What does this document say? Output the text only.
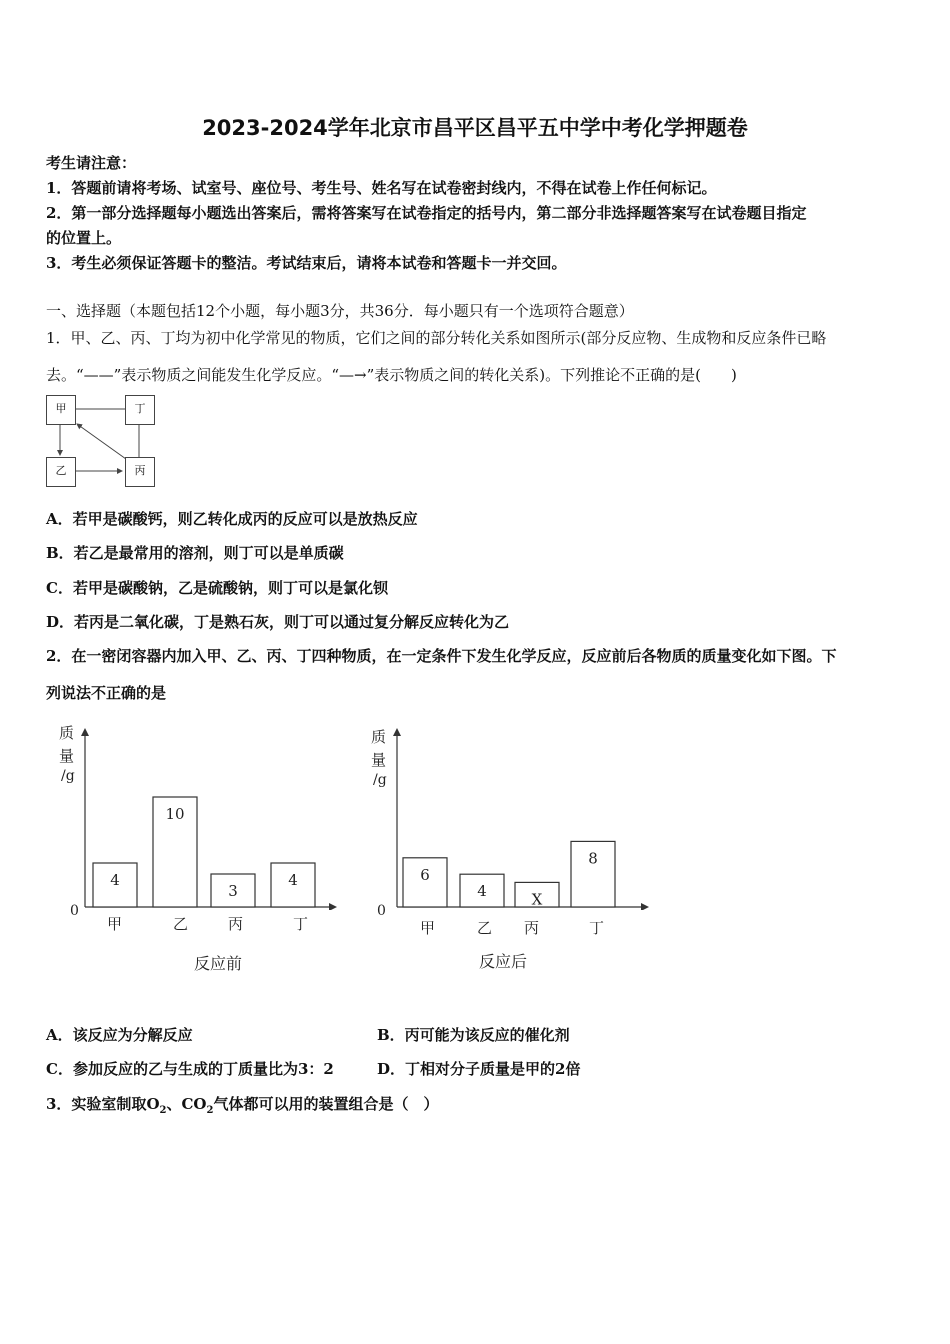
2023-2024学年北京市昌平区昌平五中学中考化学押题卷
考生请注意：
1．答题前请将考场、试室号、座位号、考生号、姓名写在试卷密封线内，不得在试卷上作任何标记。
2．第一部分选择题每小题选出答案后，需将答案写在试卷指定的括号内，第二部分非选择题答案写在试卷题目指定
的位置上。
3．考生必须保证答题卡的整洁。考试结束后，请将本试卷和答题卡一并交回。
一、选择题（本题包括12个小题，每小题3分，共36分．每小题只有一个选项符合题意）
1．甲、乙、丙、丁均为初中化学常见的物质，它们之间的部分转化关系如图所示(部分反应物、生成物和反应条件已略
去。“——”表示物质之间能发生化学反应。“—→”表示物质之间的转化关系)。下列推论不正确的是(　　)
甲	丁
乙	丙
A．若甲是碳酸钙，则乙转化成丙的反应可以是放热反应
B．若乙是最常用的溶剂，则丁可以是单质碳
C．若甲是碳酸钠，乙是硫酸钠，则丁可以是氯化钡
D．若丙是二氧化碳，丁是熟石灰，则丁可以通过复分解反应转化为乙
2．在一密闭容器内加入甲、乙、丙、丁四种物质，在一定条件下发生化学反应，反应前后各物质的质量变化如下图。下
列说法不正确的是
4
10
3
4
质
量
/g
0
甲	乙	丙	丁
反应前
6
4	X
8
质
量
/g
0
甲	乙 丙	丁
反应后
A．该反应为分解反应	B．丙可能为该反应的催化剂
C．参加反应的乙与生成的丁质量比为3：2	D．丁相对分子质量是甲的2倍
3．实验室制取$O_2$、$CO_2$气体都可以用的装置组合是（　）
